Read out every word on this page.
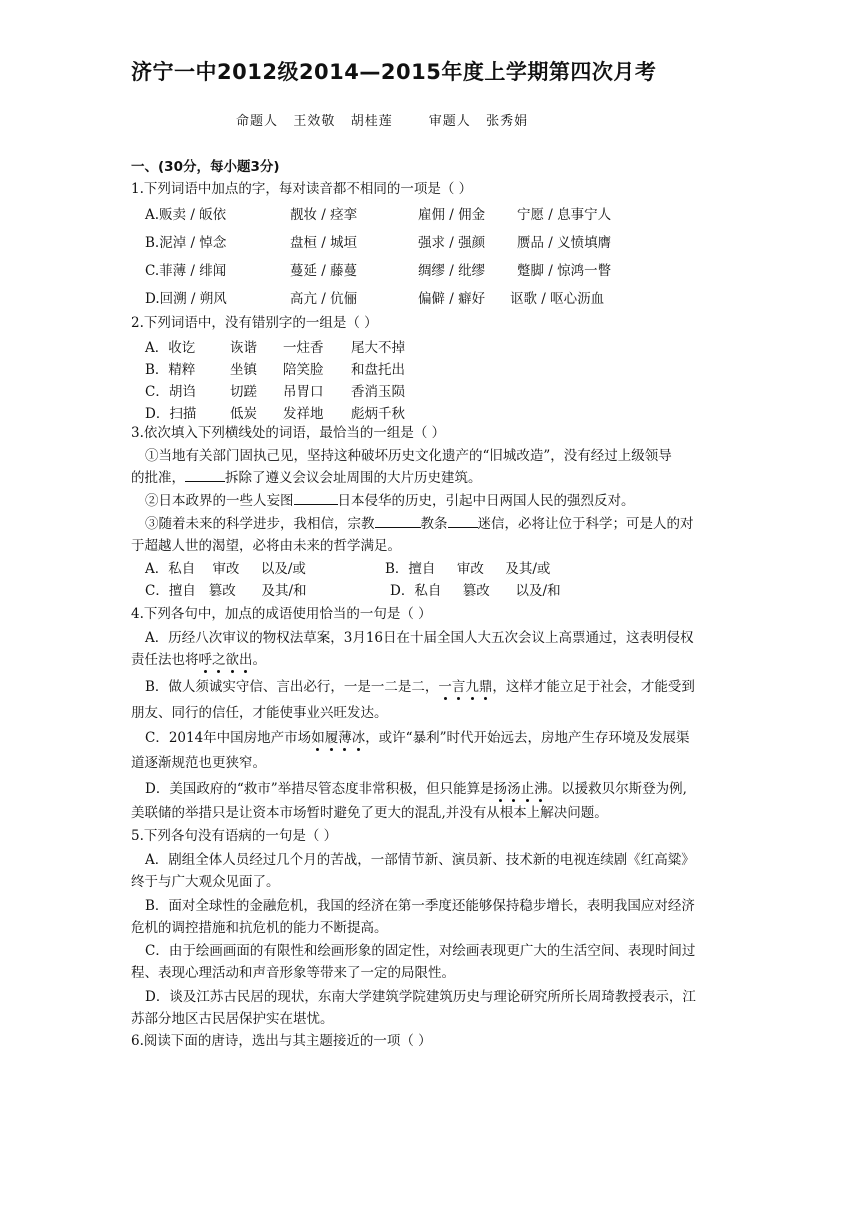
济宁一中2012级2014—2015年度上学期第四次月考
命题人   王效敬   胡桂莲       审题人   张秀娟
一、(30分，每小题3分)
1.下列词语中加点的字，每对读音都不相同的一项是（ ）
A.贩卖 / 皈依	靓妆 / 痉挛	雇佣 / 佣金 宁愿 / 息事宁人
B.泥淖 / 悼念	盘桓 / 城垣	强求 / 强颜 赝品 / 义愤填膺
C.菲薄 / 绯闻	蔓延 / 藤蔓	绸缪 / 纰缪 蹩脚 / 惊鸿一瞥
D.回溯 / 朔风	高亢 / 伉俪	偏僻 / 癖好 讴歌 / 呕心沥血
2.下列词语中，没有错别字的一组是（ ）
A．收讫	诙谐 一炷香 尾大不掉
B．精粹	坐镇 陪笑脸 和盘托出
C．胡诌	切蹉 吊胃口 香消玉陨
D．扫描 低炭 发祥地 彪炳千秋
3.依次填入下列横线处的词语，最恰当的一组是（ ）
①当地有关部门固执己见，坚持这种破坏历史文化遗产的“旧城改造”，没有经过上级领导
的批准，	拆除了遵义会议会址周围的大片历史建筑。
②日本政界的一些人妄图	日本侵华的历史，引起中日两国人民的强烈反对。
③随着未来的科学进步，我相信，宗教	教条 迷信，必将让位于科学；可是人的对
于超越人世的渴望，必将由未来的哲学满足。
A．私自    审改     以及/或	B．擅自     审改     及其/或
C．擅自   篡改      及其/和	D．私自     篡改      以及/和
4.下列各句中，加点的成语使用恰当的一句是（ ）
A．历经八次审议的物权法草案，3月16日在十届全国人大五次会议上高票通过，这表明侵权
责任法也将呼之欲出。
B．做人须诚实守信、言出必行，一是一二是二，一言九鼎，这样才能立足于社会，才能受到
朋友、同行的信任，才能使事业兴旺发达。
C．2014年中国房地产市场如履薄冰，或许“暴利”时代开始远去，房地产生存环境及发展渠
道逐渐规范也更狭窄。
D．美国政府的“救市”举措尽管态度非常积极，但只能算是扬汤止沸。以援救贝尔斯登为例,
美联储的举措只是让资本市场暂时避免了更大的混乱,并没有从根本上解决问题。
5.下列各句没有语病的一句是（ ）
A．剧组全体人员经过几个月的苦战，一部情节新、演员新、技术新的电视连续剧《红高粱》
终于与广大观众见面了。
B．面对全球性的金融危机，我国的经济在第一季度还能够保持稳步增长，表明我国应对经济
危机的调控措施和抗危机的能力不断提高。
C．由于绘画画面的有限性和绘画形象的固定性，对绘画表现更广大的生活空间、表现时间过
程、表现心理活动和声音形象等带来了一定的局限性。
D．谈及江苏古民居的现状，东南大学建筑学院建筑历史与理论研究所所长周琦教授表示，江
苏部分地区古民居保护实在堪忧。
6.阅读下面的唐诗，选出与其主题接近的一项（ ）
